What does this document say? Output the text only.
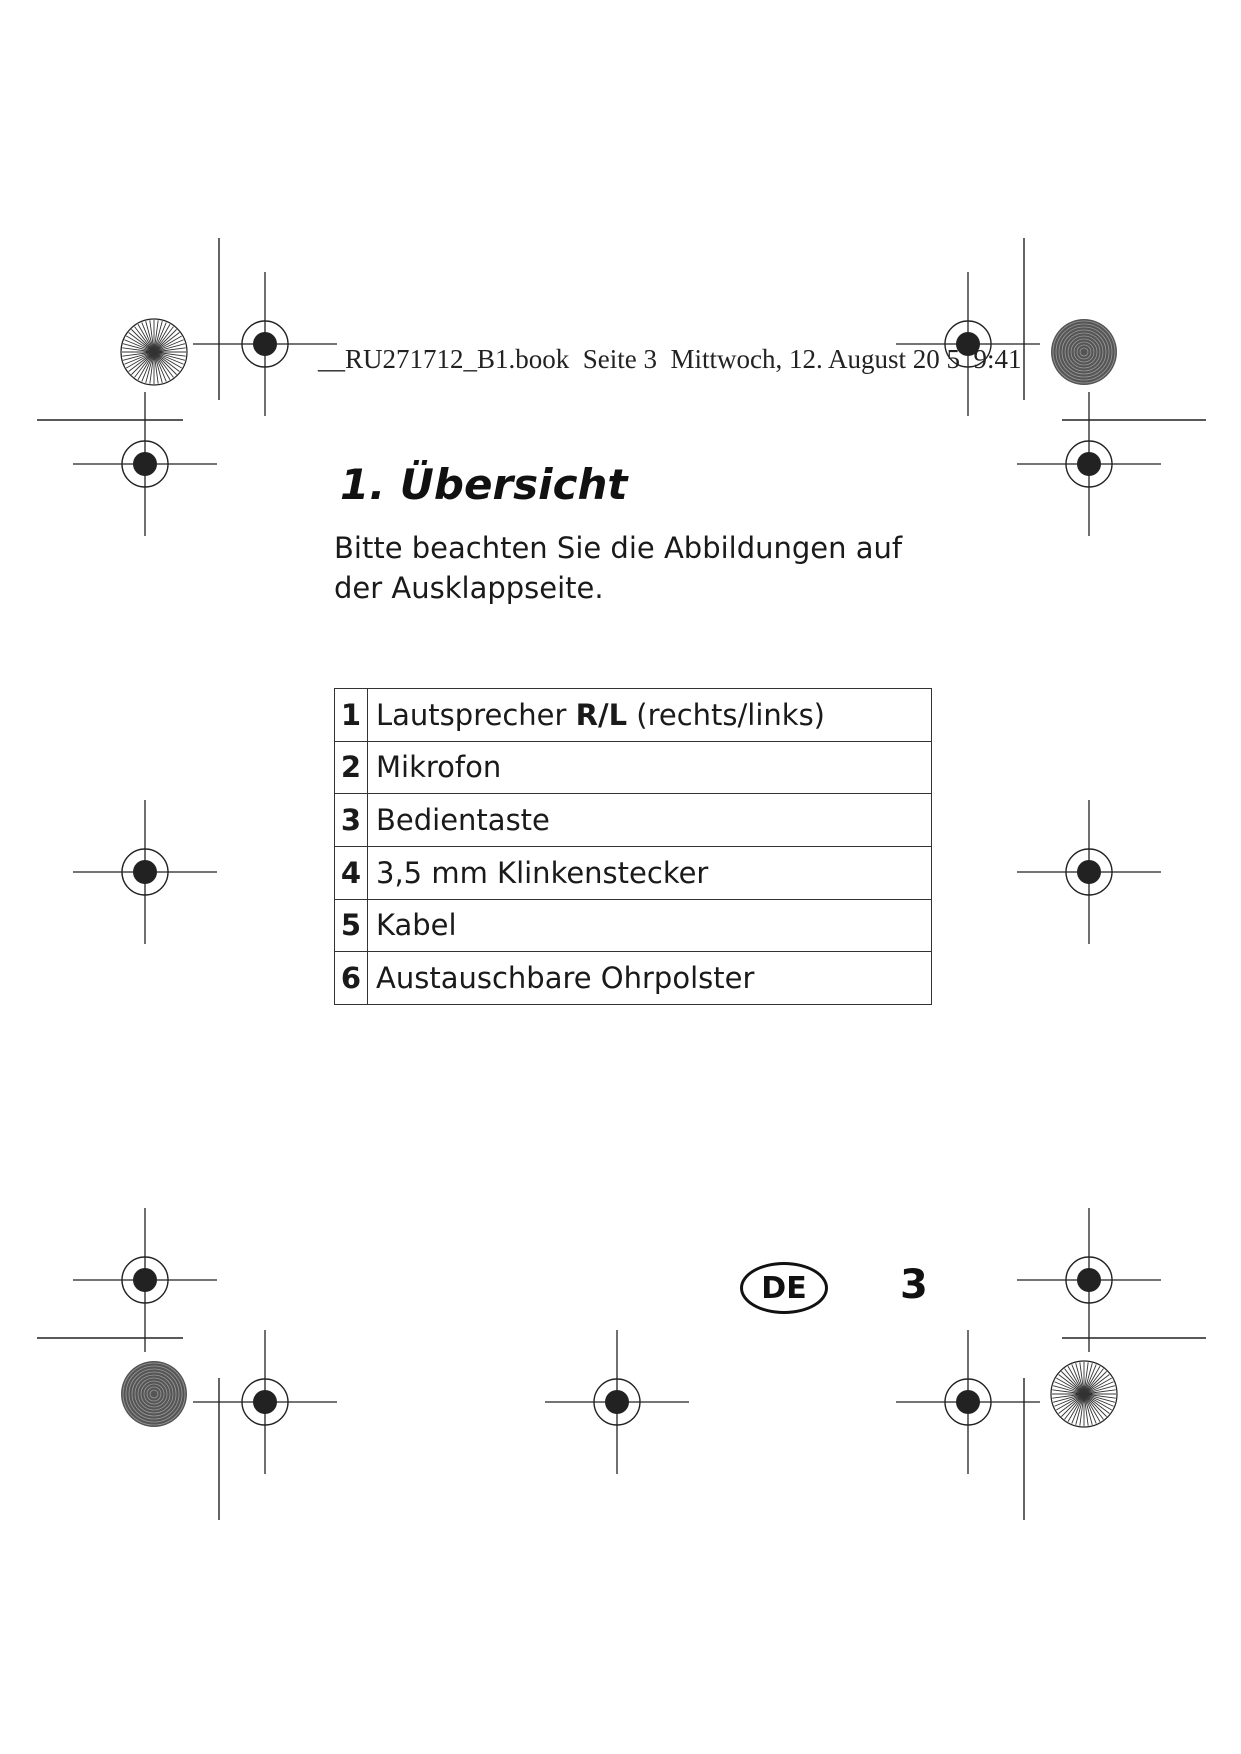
__RU271712_B1.book  Seite 3  Mittwoch, 12. August 20 5  9:41
1. Übersicht

Bitte beachten Sie die Abbildungen auf der Ausklappseite.

1	Lautsprecher R/L (rechts/links)
2	Mikrofon
3	Bedientaste
4	3,5 mm Klinkenstecker
5	Kabel
6	Austauschbare Ohrpolster
DE	3
